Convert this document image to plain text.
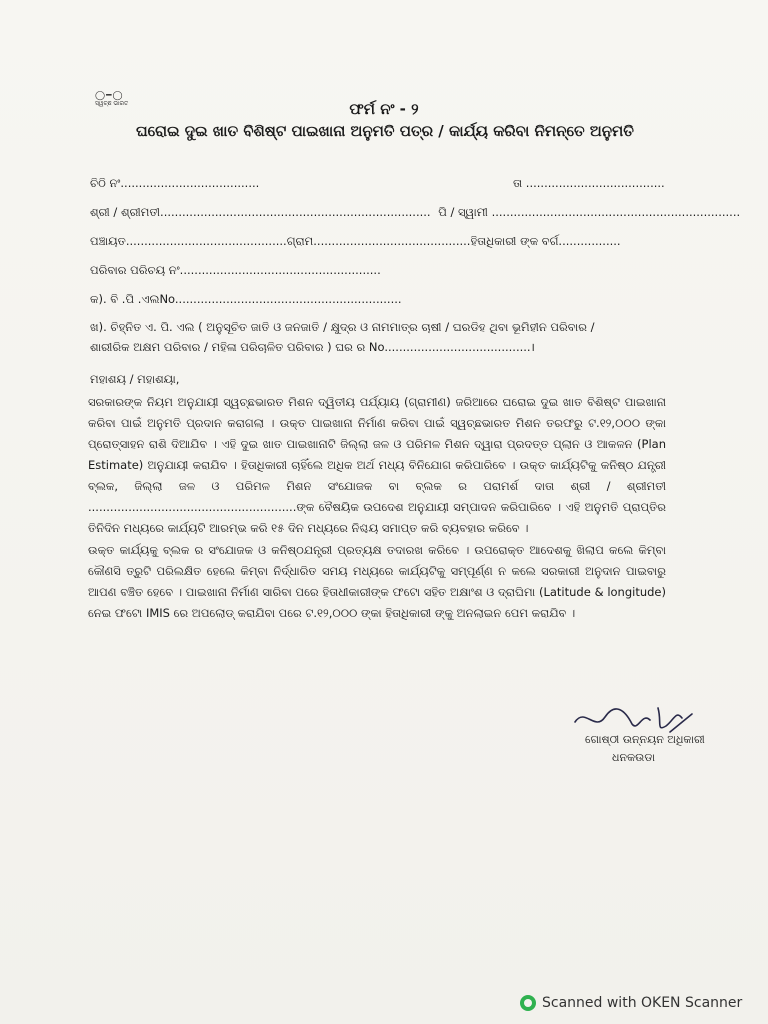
◯━◯
ସ୍ୱଚ୍ଛ ଭାରତ	ଫର୍ମ ନଂ - ୨
ଘରୋଇ ଦୁଇ ଖାତ ବିଶିଷ୍ଟ ପାଇଖାନା ଅନୁମତି ପତ୍ର / କାର୍ଯ୍ୟ କରିବା ନିମନ୍ତେ ଅନୁମତି
ଚିଠି ନଂ......................................	ତା ......................................
ଶ୍ରୀ / ଶ୍ରୀମତୀ.......................................................................... ପି / ସ୍ୱାମୀ ....................................................................
ପଞ୍ଚାୟତ............................................ଗ୍ରାମ...........................................ହିତାଧିକାରୀ ଙ୍କ ବର୍ଗ.................
ପରିବାର ପରିଚୟ ନଂ.......................................................
କ). ବି .ପି .ଏଲNo..............................................................
ଖ). ଚିହ୍ନିତ ଏ. ପି. ଏଲ ( ଅନୁସୂଚିତ ଜାତି ଓ ଜନଜାତି / କ୍ଷୁଦ୍ର ଓ ନାମମାତ୍ର ଚାଷୀ / ଘରଡିହ ଥିବା ଭୂମିହୀନ ପରିବାର /
ଶାରୀରିକ ଅକ୍ଷମ ପରିବାର / ମହିଳା ପରିଚାଳିତ ପରିବାର ) ଘର ର No........................................।
ମହାଶୟ / ମହାଶୟା,
ସରକାରଙ୍କ ନିୟମ ଅନୁଯାୟୀ ସ୍ୱଚ୍ଛଭାରତ ମିଶନ ଦ୍ୱିତୀୟ ପର୍ଯ୍ୟାୟ (ଗ୍ରାମୀଣ) ଜରିଆରେ ଘରୋଇ ଦୁଇ ଖାତ ବିଶିଷ୍ଟ ପାଇଖାନା କରିବା ପାଇଁ ଅନୁମତି ପ୍ରଦାନ କରାଗଲା । ଉକ୍ତ ପାଇଖାନା ନିର୍ମାଣ କରିବା ପାଇଁ ସ୍ୱଚ୍ଛଭାରତ ମିଶନ ତରଫରୁ ଟ.୧୨,୦୦୦ ଙ୍କା ପ୍ରୋତ୍ସାହନ ରାଶି ଦିଆଯିବ । ଏହି ଦୁଇ ଖାତ ପାଇଖାନାଟି ଜିଲ୍ଲା ଜଳ ଓ ପରିମଳ ମିଶନ ଦ୍ୱାରା ପ୍ରଦତ୍ତ ପ୍ଲାନ ଓ ଆକଳନ (Plan Estimate) ଅନୁଯାୟୀ କରାଯିବ । ହିତାଧିକାରୀ ଚାହିଁଲେ ଅଧିକ ଅର୍ଥ ମଧ୍ୟ ବିନିଯୋଗ କରିପାରିବେ । ଉକ୍ତ କାର୍ଯ୍ୟଟିକୁ କନିଷ୍ଠ ଯନ୍ତ୍ରୀ ବ୍ଲକ, ଜିଲ୍ଲା ଜଳ ଓ ପରିମଳ ମିଶନ ସଂଯୋଜକ ବା ବ୍ଲକ ର ପରାମର୍ଶ ଦାତା ଶ୍ରୀ / ଶ୍ରୀମତୀ .........................................................ଙ୍କ ବୈଷୟିକ ଉପଦେଶ ଅନୁଯାୟୀ ସମ୍ପାଦନ କରିପାରିବେ । ଏହି ଅନୁମତି ପ୍ରାପ୍ତିର ତିନିଦିନ ମଧ୍ୟରେ କାର୍ଯ୍ୟଟି ଆରମ୍ଭ କରି ୧୫ ଦିନ ମଧ୍ୟରେ ନିଶ୍ଚୟ ସମାପ୍ତ କରି ବ୍ୟବହାର କରିବେ ।
ଉକ୍ତ କାର୍ଯ୍ୟକୁ ବ୍ଲକ ର ସଂଯୋଜକ ଓ କନିଷ୍ଠଯନ୍ତ୍ରୀ ପ୍ରତ୍ୟକ୍ଷ ତଦାରଖ କରିବେ । ଉପରୋକ୍ତ ଆଦେଶକୁ ଖିଲାପ କଲେ କିମ୍ବା କୌଣସି ତ୍ରୁଟି ପରିଲକ୍ଷିତ ହେଲେ କିମ୍ବା ନିର୍ଦ୍ଧାରିତ ସମୟ ମଧ୍ୟରେ କାର୍ଯ୍ୟଟିକୁ ସମ୍ପୂର୍ଣ୍ଣ ନ କଲେ ସରକାରୀ ଅନୁଦାନ ପାଇବାରୁ ଆପଣ ବଞ୍ଚିତ ହେବେ । ପାଇଖାନା ନିର୍ମାଣ ସାରିବା ପରେ ହିତାଧୀକାରୀଙ୍କ ଫଟୋ ସହିତ ଅକ୍ଷାଂଶ ଓ ଦ୍ରାଘିମା (Latitude & longitude) ନେଇ ଫଟୋ IMIS ରେ ଅପଲୋଡ୍ କରାଯିବା ପରେ ଟ.୧୨,୦୦୦ ଙ୍କା ହିତାଧିକାରୀ ଙ୍କୁ ଅନଲାଇନ ପେମ କରାଯିବ ।
ଗୋଷ୍ଠୀ ଉନ୍ନୟନ ଅଧିକାରୀ
ଧନକଉଡା
Scanned with OKEN Scanner
